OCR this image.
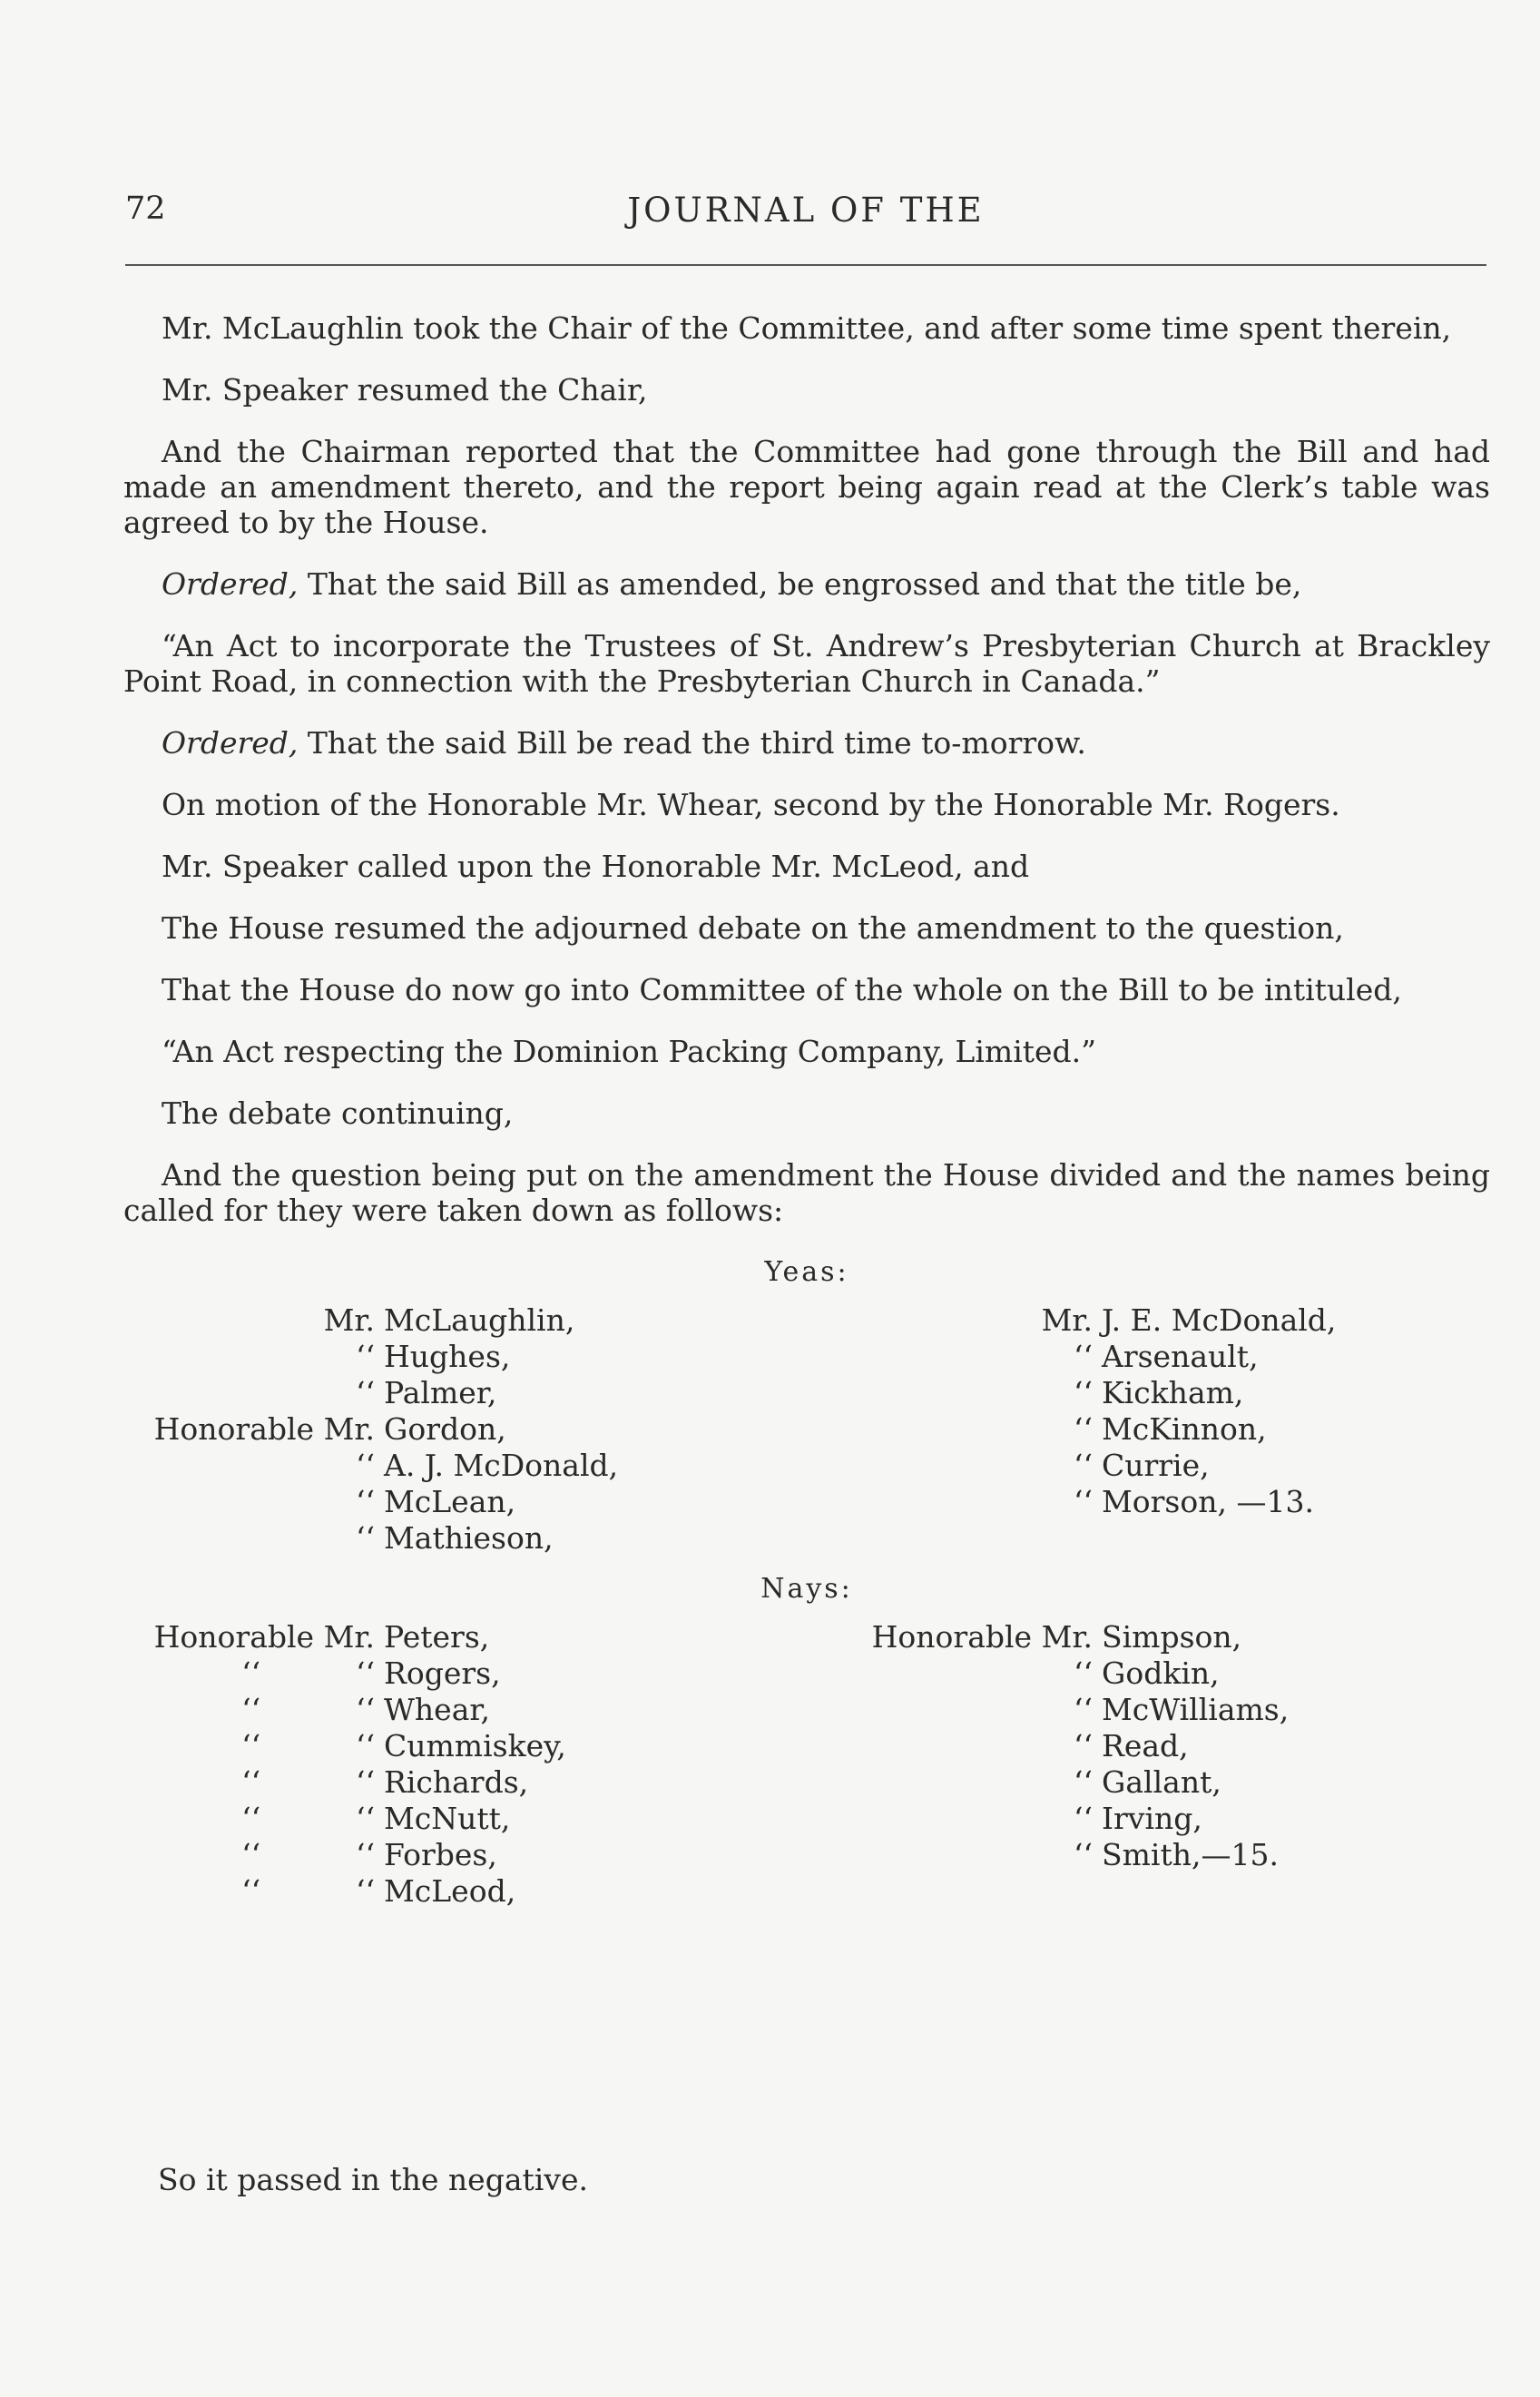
72	JOURNAL OF THE

Mr. McLaughlin took the Chair of the Committee, and after some time spent therein,

Mr. Speaker resumed the Chair,

And the Chairman reported that the Committee had gone through the Bill and had made an amendment thereto, and the report being again read at the Clerk’s table was agreed to by the House.

Ordered, That the said Bill as amended, be engrossed and that the title be,

“An Act to incorporate the Trustees of St. Andrew’s Presbyterian Church at Brackley Point Road, in connection with the Presbyterian Church in Canada.”

Ordered, That the said Bill be read the third time to-morrow.

On motion of the Honorable Mr. Whear, second by the Honorable Mr. Rogers.

Mr. Speaker called upon the Honorable Mr. McLeod, and

The House resumed the adjourned debate on the amendment to the question,

That the House do now go into Committee of the whole on the Bill to be intituled,

“An Act respecting the Dominion Packing Company, Limited.”

The debate continuing,

And the question being put on the amendment the House divided and the names being called for they were taken down as follows:

Yeas:
Mr. McLaughlin,
‘‘ Hughes,
‘‘ Palmer,
Honorable Mr. Gordon,
‘‘ A. J. McDonald,
‘‘ McLean,
‘‘ Mathieson,
Mr. J. E. McDonald,
‘‘ Arsenault,
‘‘ Kickham,
‘‘ McKinnon,
‘‘ Currie,
‘‘ Morson, —13.
Nays:
Honorable Mr. Peters,
‘‘          ‘‘ Rogers,
‘‘          ‘‘ Whear,
‘‘          ‘‘ Cummiskey,
‘‘          ‘‘ Richards,
‘‘          ‘‘ McNutt,
‘‘          ‘‘ Forbes,
‘‘          ‘‘ McLeod,
Honorable Mr. Simpson,
‘‘ Godkin,
‘‘ McWilliams,
‘‘ Read,
‘‘ Gallant,
‘‘ Irving,
‘‘ Smith,—15.
So it passed in the negative.
